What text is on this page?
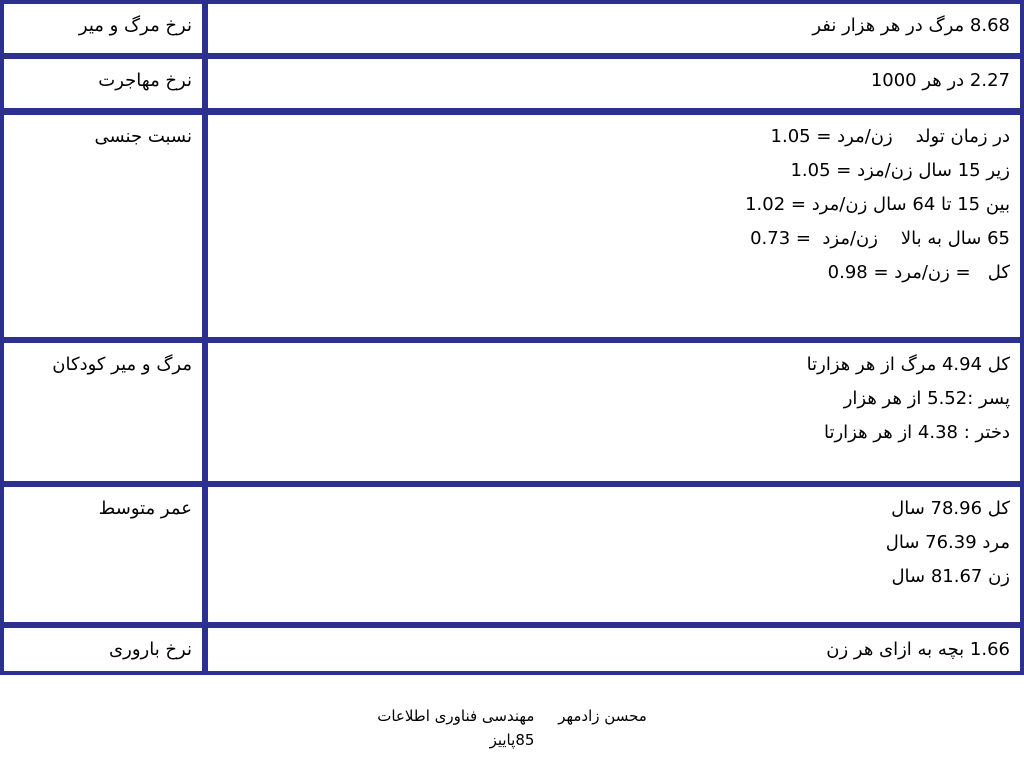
نرخ مرگ و میر	8.68 مرگ در هر هزار نفر
نرخ مهاجرت	2.27 در هر 1000
نسبت جنسی	در زمان تولد    زن/مرد = 1.05
زیر 15 سال زن/مزد = 1.05
بین 15 تا 64 سال زن/مرد = 1.02
65 سال به بالا    زن/مزد  = 0.73
کل   = زن/مرد = 0.98
مرگ و میر کودکان	کل 4.94 مرگ از هر هزارتا
پسر :5.52 از هر هزار
دختر : 4.38 از هر هزارتا
عمر متوسط	کل 78.96 سال
مرد 76.39 سال
زن 81.67 سال
نرخ باروری	1.66 بچه به ازای هر زن
محسن زادمهر     مهندسی فناوری اطلاعات
85پاییز
